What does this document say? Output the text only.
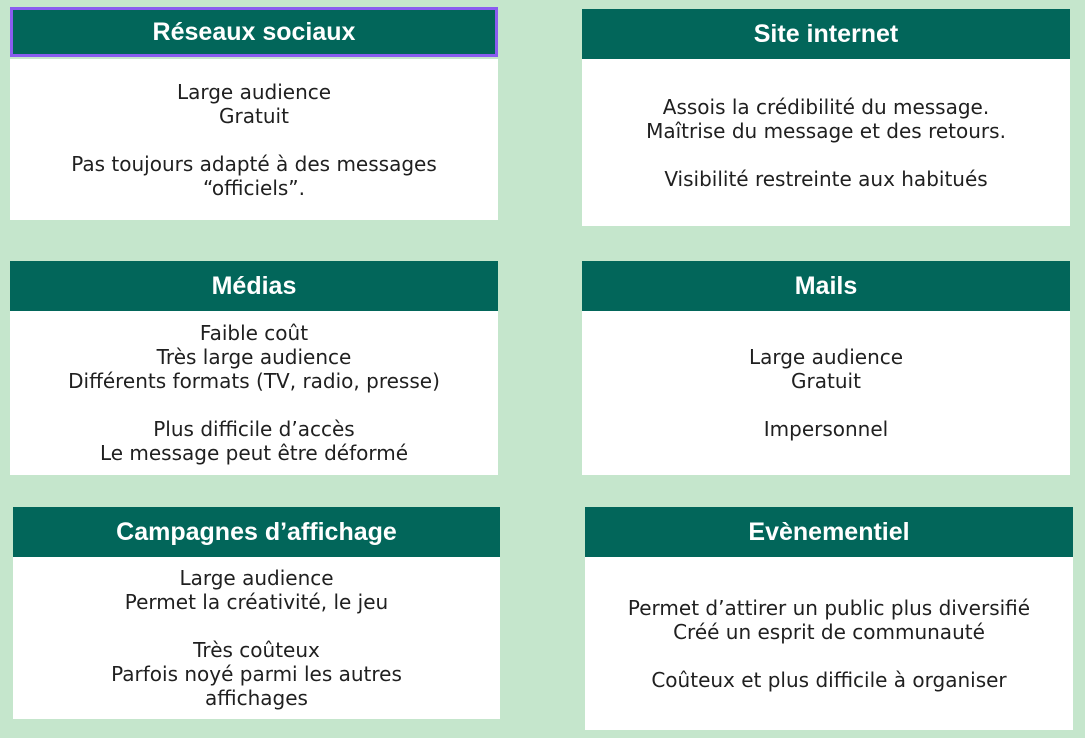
Réseaux sociaux
Large audience
Gratuit
Pas toujours adapté à des messages
“officiels”.
Site internet
Assois la crédibilité du message.
Maîtrise du message et des retours.
Visibilité restreinte aux habitués
Médias
Faible coût
Très large audience
Différents formats (TV, radio, presse)
Plus difficile d’accès
Le message peut être déformé
Mails
Large audience
Gratuit
Impersonnel
Campagnes d’affichage
Large audience
Permet la créativité, le jeu
Très coûteux
Parfois noyé parmi les autres
affichages
Evènementiel
Permet d’attirer un public plus diversifié
Créé un esprit de communauté
Coûteux et plus difficile à organiser
